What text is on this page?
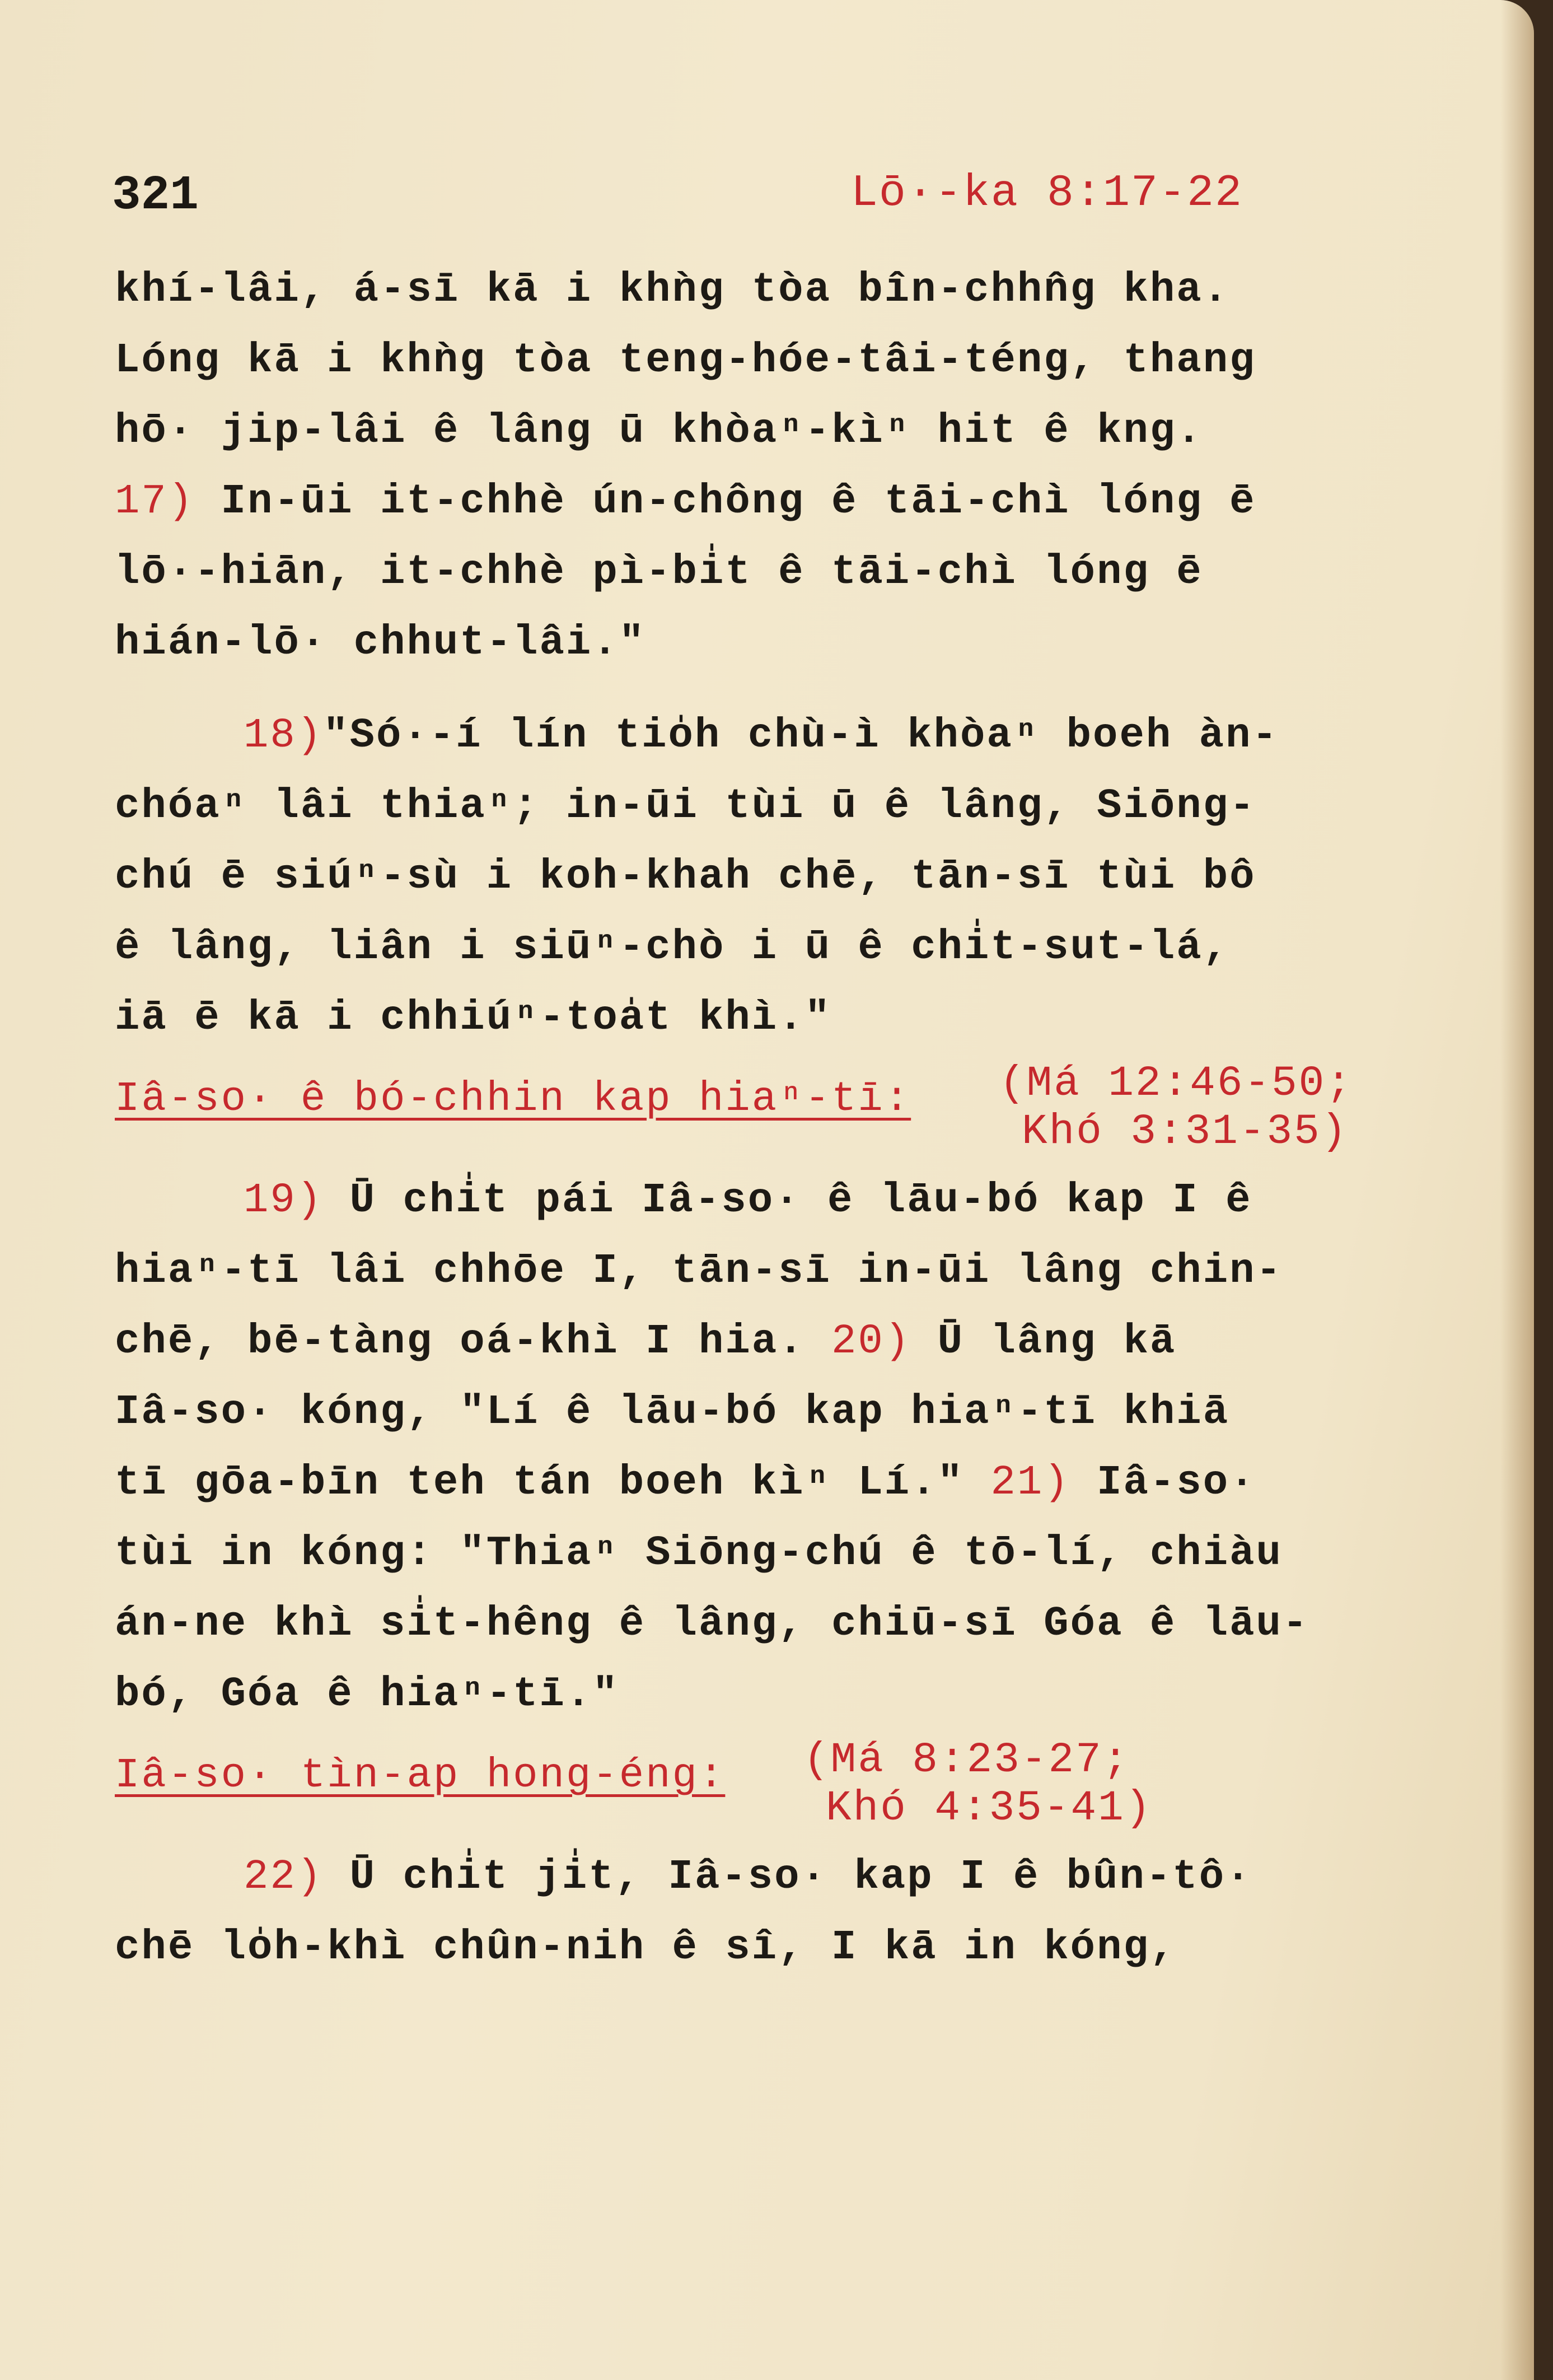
321	Lō·-ka 8:17-22
khí-lâi, á-sī kā i khǹg tòa bîn-chhn̂g kha.
Lóng kā i khǹg tòa teng-hóe-tâi-téng, thang
hō· jip-lâi ê lâng ū khòaⁿ-kìⁿ hit ê kng.
17) In-ūi it-chhè ún-chông ê tāi-chì lóng ē
lō·-hiān, it-chhè pì-bi̍t ê tāi-chì lóng ē
hián-lō· chhut-lâi."
18)"Só·-í lín tio̍h chù-ì khòaⁿ boeh àn-
chóaⁿ lâi thiaⁿ; in-ūi tùi ū ê lâng, Siōng-
chú ē siúⁿ-sù i koh-khah chē, tān-sī tùi bô
ê lâng, liân i siūⁿ-chò i ū ê chi̍t-sut-lá,
iā ē kā i chhiúⁿ-toa̍t khì."
Iâ-so· ê bó-chhin kap hiaⁿ-tī: (Má 12:46-50;
Khó 3:31-35)
19) Ū chi̍t pái Iâ-so· ê lāu-bó kap I ê
hiaⁿ-tī lâi chhōe I, tān-sī in-ūi lâng chin-
chē, bē-tàng oá-khì I hia. 20) Ū lâng kā
Iâ-so· kóng, "Lí ê lāu-bó kap hiaⁿ-tī khiā
tī gōa-bīn teh tán boeh kìⁿ Lí." 21) Iâ-so·
tùi in kóng: "Thiaⁿ Siōng-chú ê tō-lí, chiàu
án-ne khì si̍t-hêng ê lâng, chiū-sī Góa ê lāu-
bó, Góa ê hiaⁿ-tī."
Iâ-so· tìn-ap hong-éng: (Má 8:23-27;
Khó 4:35-41)
22) Ū chi̍t ji̍t, Iâ-so· kap I ê bûn-tô·
chē lo̍h-khì chûn-nih ê sî, I kā in kóng,
